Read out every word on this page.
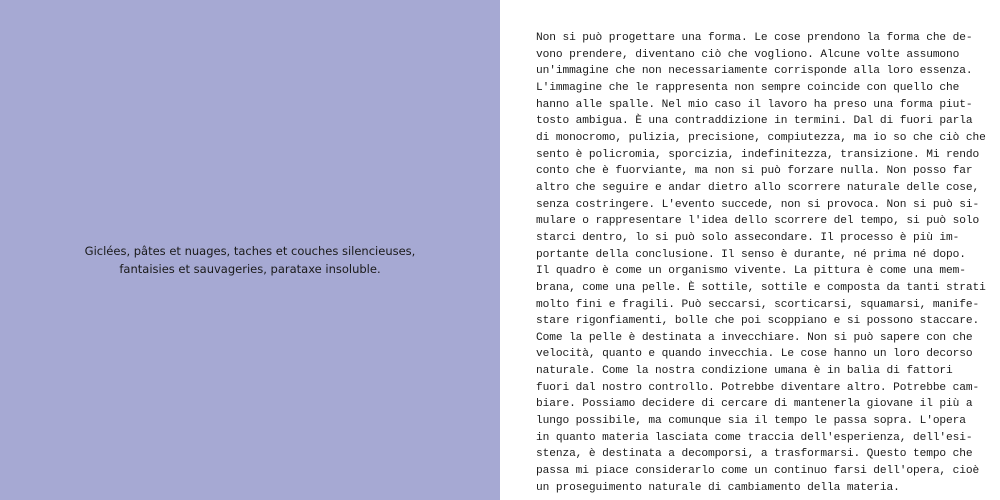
Giclées, pâtes et nuages, taches et couches silencieuses,
fantaisies et sauvageries, parataxe insoluble.

Non si può progettare una forma. Le cose prendono la forma che de-
vono prendere, diventano ciò che vogliono. Alcune volte assumono
un'immagine che non necessariamente corrisponde alla loro essenza.
L'immagine che le rappresenta non sempre coincide con quello che
hanno alle spalle. Nel mio caso il lavoro ha preso una forma piut-
tosto ambigua. È una contraddizione in termini. Dal di fuori parla
di monocromo, pulizia, precisione, compiutezza, ma io so che ciò che
sento è policromia, sporcizia, indefinitezza, transizione. Mi rendo
conto che è fuorviante, ma non si può forzare nulla. Non posso far
altro che seguire e andar dietro allo scorrere naturale delle cose,
senza costringere. L'evento succede, non si provoca. Non si può si-
mulare o rappresentare l'idea dello scorrere del tempo, si può solo
starci dentro, lo si può solo assecondare. Il processo è più im-
portante della conclusione. Il senso è durante, né prima né dopo.
Il quadro è come un organismo vivente. La pittura è come una mem-
brana, come una pelle. È sottile, sottile e composta da tanti strati
molto fini e fragili. Può seccarsi, scorticarsi, squamarsi, manife-
stare rigonfiamenti, bolle che poi scoppiano e si possono staccare.
Come la pelle è destinata a invecchiare. Non si può sapere con che
velocità, quanto e quando invecchia. Le cose hanno un loro decorso
naturale. Come la nostra condizione umana è in balìa di fattori
fuori dal nostro controllo. Potrebbe diventare altro. Potrebbe cam-
biare. Possiamo decidere di cercare di mantenerla giovane il più a
lungo possibile, ma comunque sia il tempo le passa sopra. L'opera
in quanto materia lasciata come traccia dell'esperienza, dell'esi-
stenza, è destinata a decomporsi, a trasformarsi. Questo tempo che
passa mi piace considerarlo come un continuo farsi dell'opera, cioè
un proseguimento naturale di cambiamento della materia.
